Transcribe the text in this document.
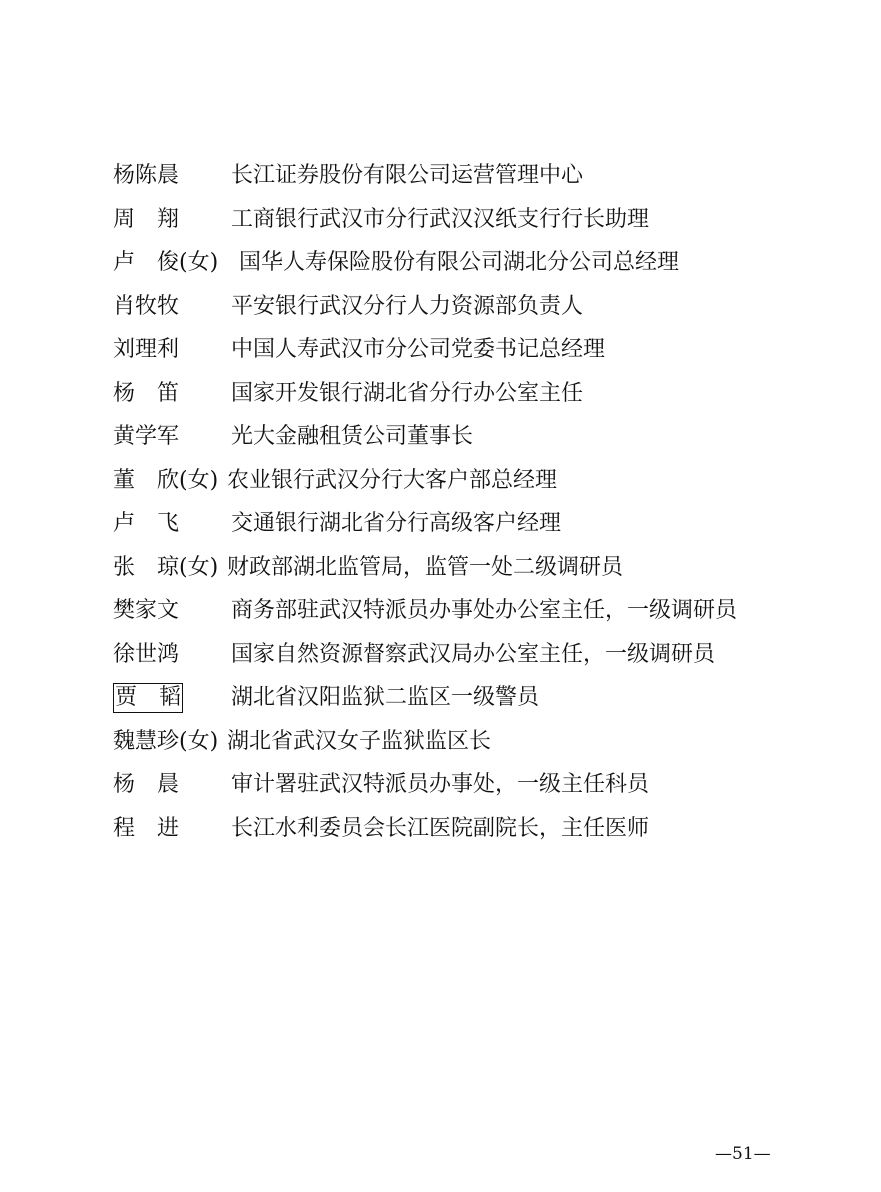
杨陈晨 长江证券股份有限公司运营管理中心
周　翔 工商银行武汉市分行武汉汉纸支行行长助理
卢　俊(女) 国华人寿保险股份有限公司湖北分公司总经理
肖牧牧 平安银行武汉分行人力资源部负责人
刘理利 中国人寿武汉市分公司党委书记总经理
杨　笛 国家开发银行湖北省分行办公室主任
黄学军 光大金融租赁公司董事长
董　欣(女) 农业银行武汉分行大客户部总经理
卢　飞 交通银行湖北省分行高级客户经理
张　琼(女) 财政部湖北监管局，监管一处二级调研员
樊家文 商务部驻武汉特派员办事处办公室主任，一级调研员
徐世鸿 国家自然资源督察武汉局办公室主任，一级调研员
贾　韬 湖北省汉阳监狱二监区一级警员
魏慧珍(女) 湖北省武汉女子监狱监区长
杨　晨 审计署驻武汉特派员办事处，一级主任科员
程　进 长江水利委员会长江医院副院长，主任医师
—51—
